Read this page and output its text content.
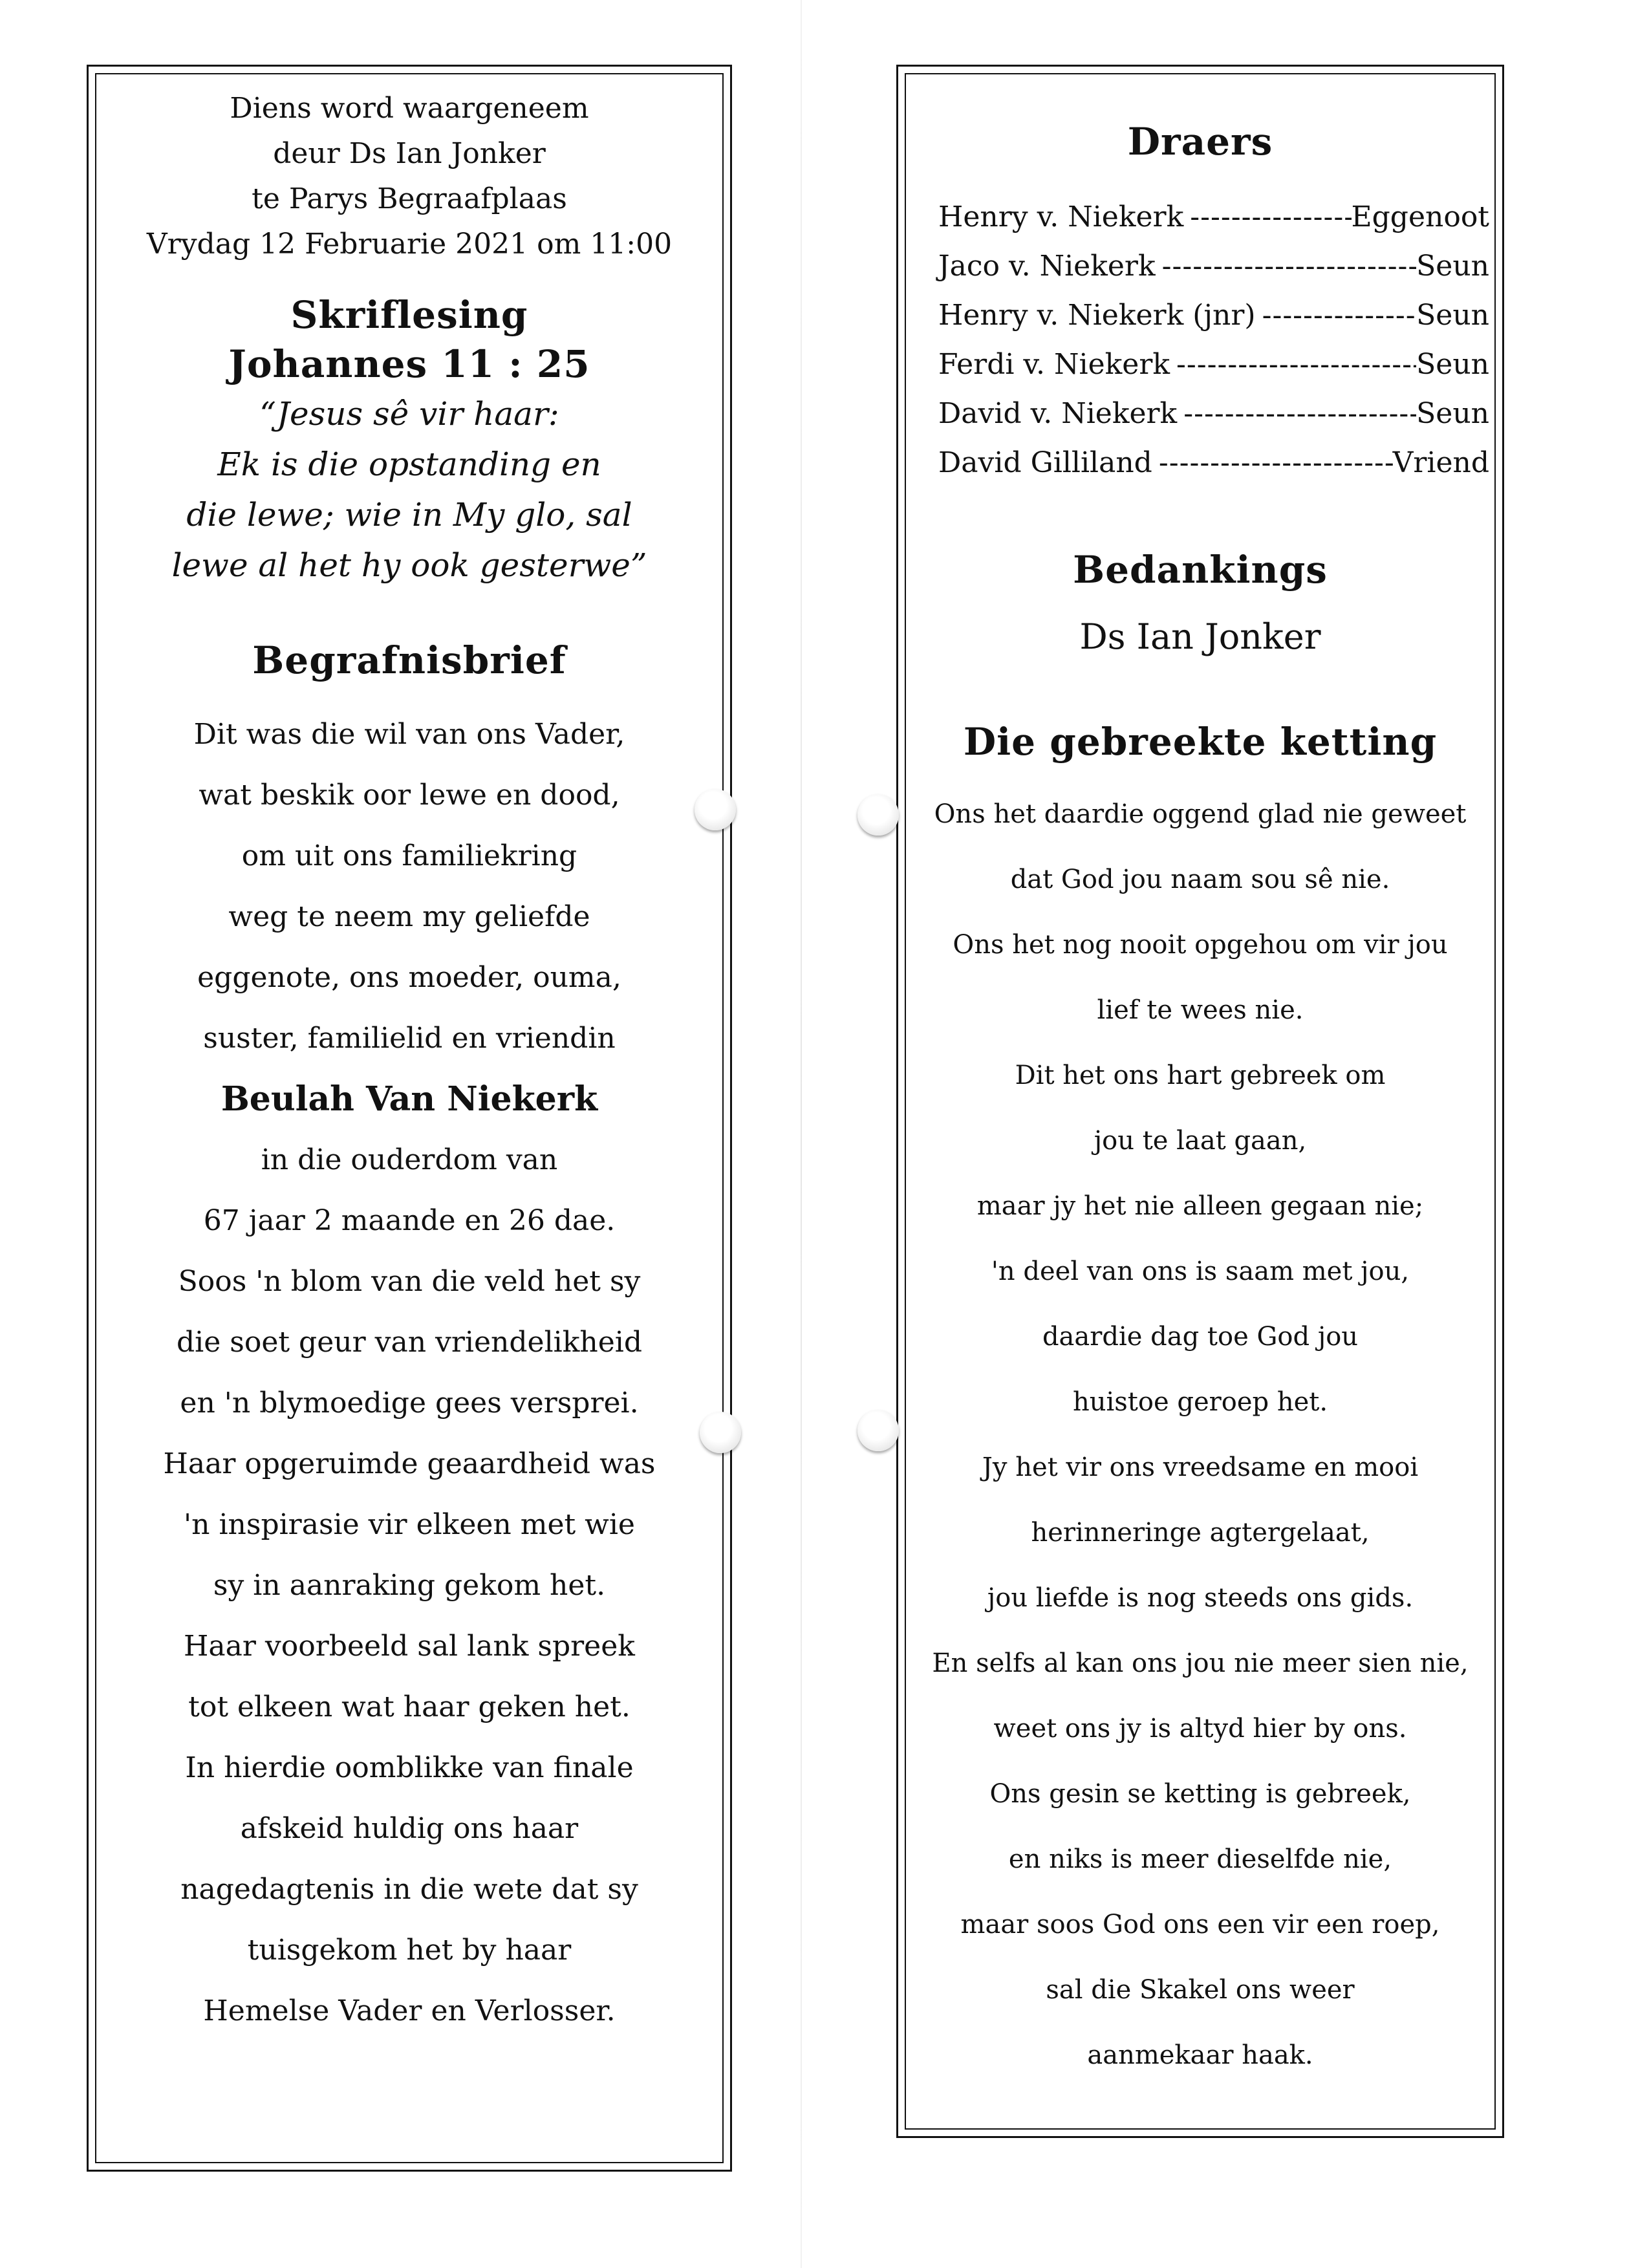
Diens word waargeneem
deur Ds Ian Jonker
te Parys Begraafplaas
Vrydag 12 Februarie 2021 om 11:00
Skriflesing
Johannes 11 : 25
“Jesus sê vir haar:
Ek is die opstanding en
die lewe; wie in My glo, sal
lewe al het hy ook gesterwe”
Begrafnisbrief
Dit was die wil van ons Vader,
wat beskik oor lewe en dood,
om uit ons familiekring
weg te neem my geliefde
eggenote, ons moeder, ouma,
suster, familielid en vriendin
Beulah Van Niekerk
in die ouderdom van
67 jaar 2 maande en 26 dae.
Soos 'n blom van die veld het sy
die soet geur van vriendelikheid
en 'n blymoedige gees versprei.
Haar opgeruimde geaardheid was
'n inspirasie vir elkeen met wie
sy in aanraking gekom het.
Haar voorbeeld sal lank spreek
tot elkeen wat haar geken het.
In hierdie oomblikke van finale
afskeid huldig ons haar
nagedagtenis in die wete dat sy
tuisgekom het by haar
Hemelse Vader en Verlosser.
Draers
Henry v. Niekerk -----	Eggenoot
Jaco v. Niekerk -----	Seun
Henry v. Niekerk (jnr) -----	Seun
Ferdi v. Niekerk -----	Seun
David v. Niekerk -----	Seun
David Gilliland -----	Vriend
Bedankings
Ds Ian Jonker
Die gebreekte ketting
Ons het daardie oggend glad nie geweet
dat God jou naam sou sê nie.
Ons het nog nooit opgehou om vir jou
lief te wees nie.
Dit het ons hart gebreek om
jou te laat gaan,
maar jy het nie alleen gegaan nie;
'n deel van ons is saam met jou,
daardie dag toe God jou
huistoe geroep het.
Jy het vir ons vreedsame en mooi
herinneringe agtergelaat,
jou liefde is nog steeds ons gids.
En selfs al kan ons jou nie meer sien nie,
weet ons jy is altyd hier by ons.
Ons gesin se ketting is gebreek,
en niks is meer dieselfde nie,
maar soos God ons een vir een roep,
sal die Skakel ons weer
aanmekaar haak.
